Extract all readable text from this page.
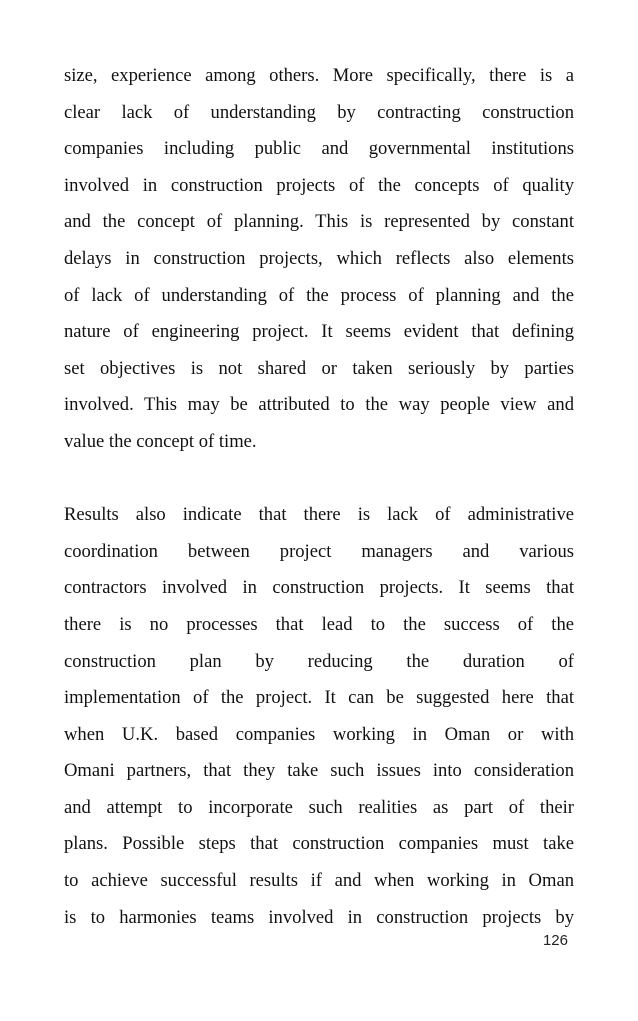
size, experience among others. More specifically, there is a
clear lack of understanding by contracting construction
companies including public and governmental institutions
involved in construction projects of the concepts of quality
and the concept of planning. This is represented by constant
delays in construction projects, which reflects also elements
of lack of understanding of the process of planning and the
nature of engineering project. It seems evident that defining
set objectives is not shared or taken seriously by parties
involved. This may be attributed to the way people view and
value the concept of time.
Results also indicate that there is lack of administrative
coordination between project managers and various
contractors involved in construction projects. It seems that
there is no processes that lead to the success of the
construction plan by reducing the duration of
implementation of the project. It can be suggested here that
when U.K. based companies working in Oman or with
Omani partners, that they take such issues into consideration
and attempt to incorporate such realities as part of their
plans. Possible steps that construction companies must take
to achieve successful results if and when working in Oman
is to harmonies teams involved in construction projects by
126
